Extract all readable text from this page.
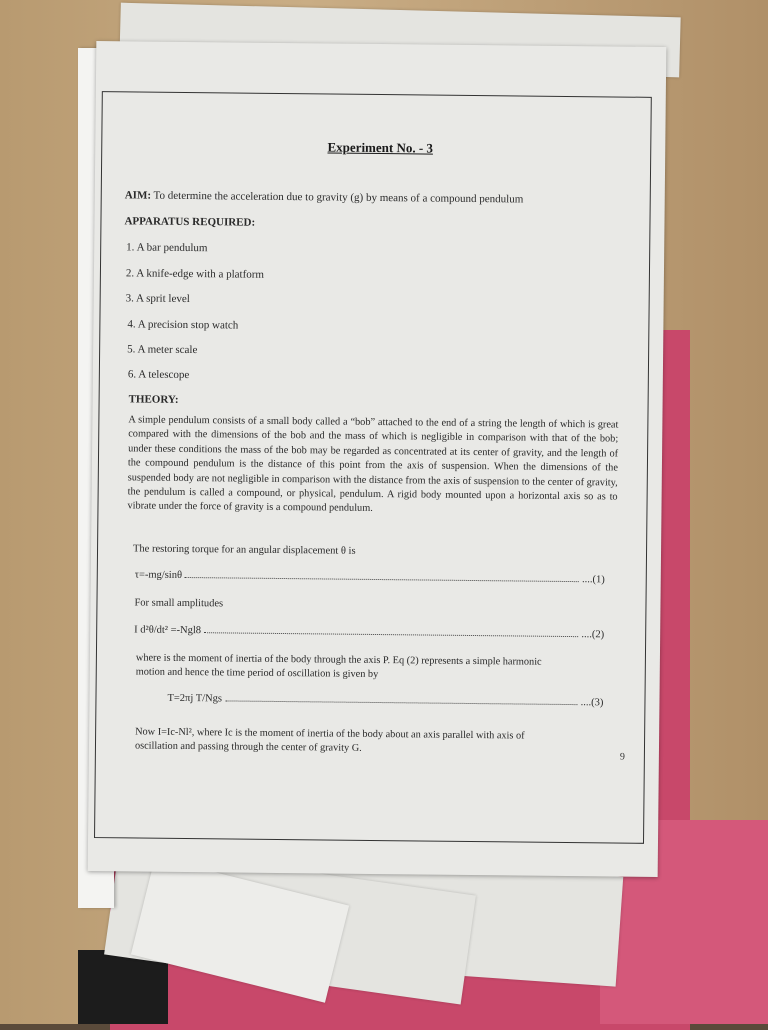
Experiment No. - 3
AIM: To determine the acceleration due to gravity (g) by means of a compound pendulum
APPARATUS REQUIRED:
1. A bar pendulum
2. A knife-edge with a platform
3. A sprit level
4. A precision stop watch
5. A meter scale
6. A telescope
THEORY:
A simple pendulum consists of a small body called a “bob” attached to the end of a string the length of which is great compared with the dimensions of the bob and the mass of which is negligible in comparison with that of the bob; under these conditions the mass of the bob may be regarded as concentrated at its center of gravity, and the length of the compound pendulum is the distance of this point from the axis of suspension. When the dimensions of the suspended body are not negligible in comparison with the distance from the axis of suspension to the center of gravity, the pendulum is called a compound, or physical, pendulum. A rigid body mounted upon a horizontal axis so as to vibrate under the force of gravity is a compound pendulum.
The restoring torque for an angular displacement θ is
τ=-mg/sinθ	....(1)
For small amplitudes
I d²θ/dt² =-Ngl8	....(2)
where is the moment of inertia of the body through the axis P. Eq (2) represents a simple harmonic
motion and hence the time period of oscillation is given by
T=2πj T/Ngs	....(3)
Now I=Ic-Nl², where Ic is the moment of inertia of the body about an axis parallel with axis of
oscillation and passing through the center of gravity G.
9
